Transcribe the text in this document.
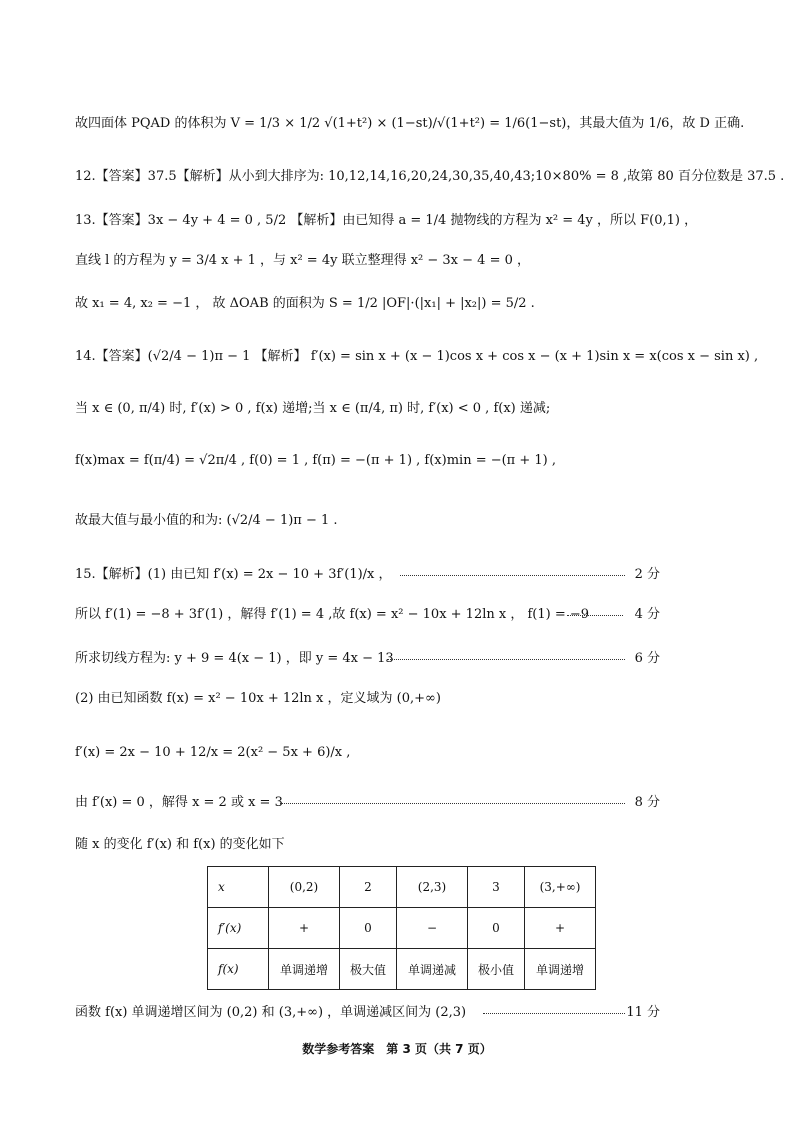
故四面体 PQAD 的体积为 V = 1/3 × 1/2 √(1+t²) × (1−st)/√(1+t²) = 1/6(1−st)，其最大值为 1/6，故 D 正确.
12.【答案】37.5【解析】从小到大排序为: 10,12,14,16,20,24,30,35,40,43;10×80% = 8 ,故第 80 百分位数是 37.5 .
13.【答案】3x − 4y + 4 = 0 , 5/2 【解析】由已知得 a = 1/4 抛物线的方程为 x² = 4y ，所以 F(0,1) ，
直线 l 的方程为 y = 3/4 x + 1 ，与 x² = 4y 联立整理得 x² − 3x − 4 = 0 ，
故 x₁ = 4, x₂ = −1 ， 故 ΔOAB 的面积为 S = 1/2 |OF|·(|x₁| + |x₂|) = 5/2 .
14.【答案】(√2/4 − 1)π − 1 【解析】 f′(x) = sin x + (x − 1)cos x + cos x − (x + 1)sin x = x(cos x − sin x) ,
当 x ∈ (0, π/4) 时, f′(x) > 0 , f(x) 递增;当 x ∈ (π/4, π) 时, f′(x) < 0 , f(x) 递减;
f(x)max = f(π/4) = √2π/4 , f(0) = 1 , f(π) = −(π + 1) , f(x)min = −(π + 1) ,
故最大值与最小值的和为: (√2/4 − 1)π − 1 .
15.【解析】(1) 由已知 f′(x) = 2x − 10 + 3f′(1)/x ，	2 分
所以 f′(1) = −8 + 3f′(1) ，解得 f′(1) = 4 ,故 f(x) = x² − 10x + 12ln x ， f(1) = −9	4 分
所求切线方程为: y + 9 = 4(x − 1) ，即 y = 4x − 13	6 分
(2) 由已知函数 f(x) = x² − 10x + 12ln x ，定义域为 (0,+∞)
f′(x) = 2x − 10 + 12/x = 2(x² − 5x + 6)/x ,
由 f′(x) = 0 ，解得 x = 2 或 x = 3	8 分
随 x 的变化 f′(x) 和 f(x) 的变化如下
x	(0,2)	2	(2,3)	3	(3,+∞)
f′(x)	+	0	−	0	+
f(x)	单调递增	极大值	单调递减	极小值	单调递增
函数 f(x) 单调递增区间为 (0,2) 和 (3,+∞) ，单调递减区间为 (2,3)	11 分
数学参考答案　第 3 页（共 7 页）
